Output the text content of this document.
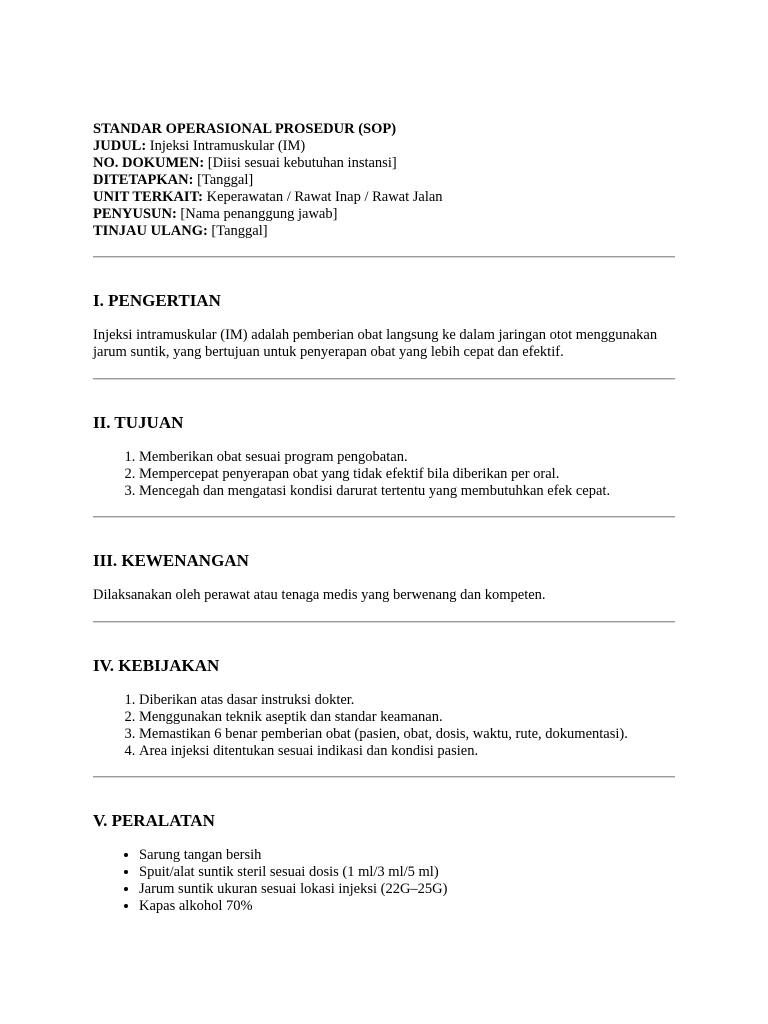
STANDAR OPERASIONAL PROSEDUR (SOP)
JUDUL: Injeksi Intramuskular (IM)
NO. DOKUMEN: [Diisi sesuai kebutuhan instansi]
DITETAPKAN: [Tanggal]
UNIT TERKAIT: Keperawatan / Rawat Inap / Rawat Jalan
PENYUSUN: [Nama penanggung jawab]
TINJAU ULANG: [Tanggal]
I. PENGERTIAN

Injeksi intramuskular (IM) adalah pemberian obat langsung ke dalam jaringan otot menggunakan jarum suntik, yang bertujuan untuk penyerapan obat yang lebih cepat dan efektif.

II. TUJUAN
1. Memberikan obat sesuai program pengobatan.
2. Mempercepat penyerapan obat yang tidak efektif bila diberikan per oral.
3. Mencegah dan mengatasi kondisi darurat tertentu yang membutuhkan efek cepat.
III. KEWENANGAN

Dilaksanakan oleh perawat atau tenaga medis yang berwenang dan kompeten.

IV. KEBIJAKAN
1. Diberikan atas dasar instruksi dokter.
2. Menggunakan teknik aseptik dan standar keamanan.
3. Memastikan 6 benar pemberian obat (pasien, obat, dosis, waktu, rute, dokumentasi).
4. Area injeksi ditentukan sesuai indikasi dan kondisi pasien.
V. PERALATAN
• Sarung tangan bersih
• Spuit/alat suntik steril sesuai dosis (1 ml/3 ml/5 ml)
• Jarum suntik ukuran sesuai lokasi injeksi (22G–25G)
• Kapas alkohol 70%
